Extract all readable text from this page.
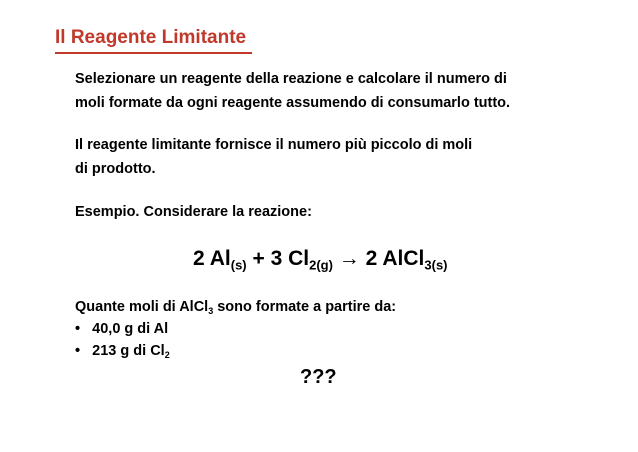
Il Reagente Limitante
Selezionare un reagente della reazione e calcolare il numero di
moli formate da ogni reagente assumendo di consumarlo tutto.
Il reagente limitante fornisce il numero più piccolo di moli
di prodotto.
Esempio. Considerare la reazione:
2 $Al_{(s)} + 3$ $Cl_{2(g)} \to 2$ AlCl$_{3(s)}$
Quante moli di AlCl$_3$ sono formate a partire da:
• 40,0 g di Al
• 213 g di $Cl_2$
???
